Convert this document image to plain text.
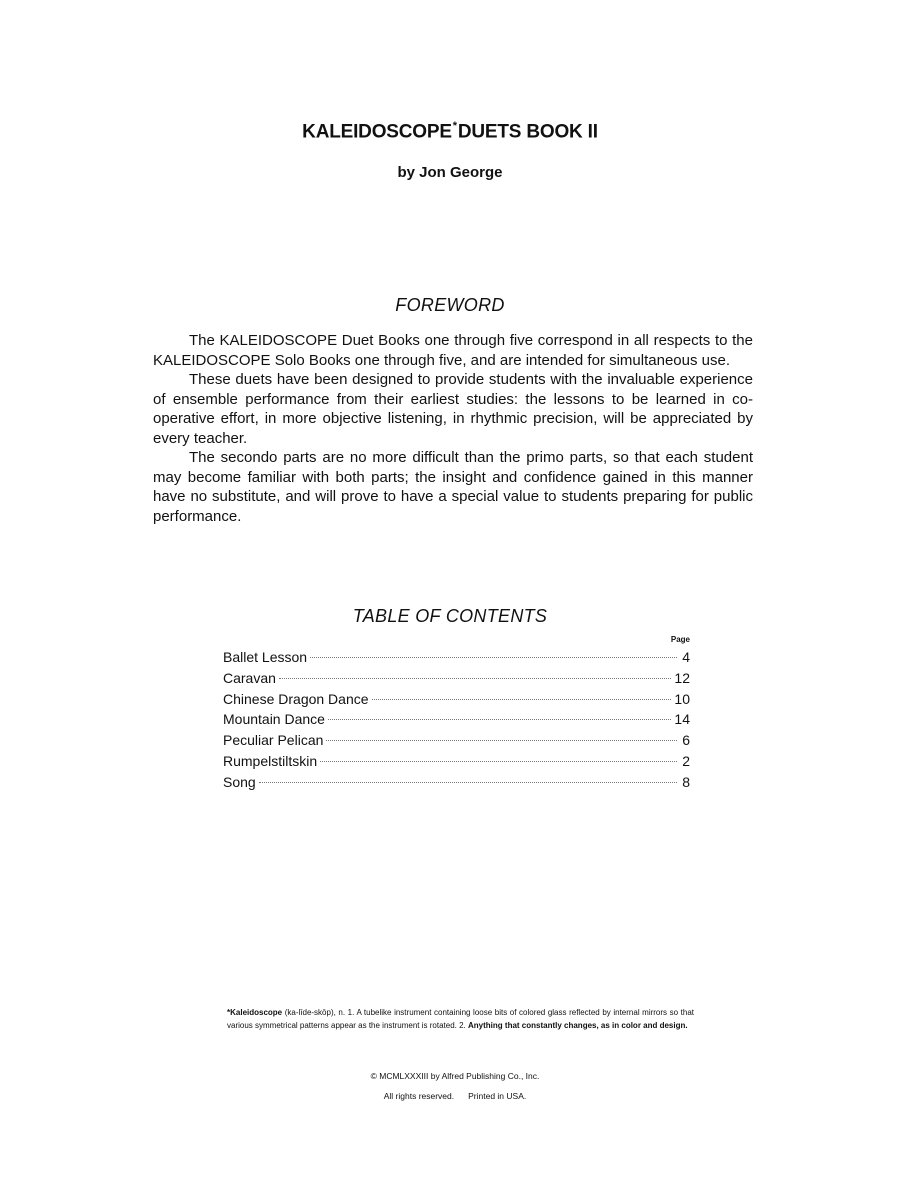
KALEIDOSCOPE*DUETS BOOK II
by Jon George
FOREWORD

The KALEIDOSCOPE Duet Books one through five correspond in all respects to the KALEIDOSCOPE Solo Books one through five, and are intended for simultaneous use.

These duets have been designed to provide students with the invaluable experience of ensemble performance from their earliest studies: the lessons to be learned in co-operative effort, in more objective listening, in rhythmic precision, will be appreciated by every teacher.

The secondo parts are no more difficult than the primo parts, so that each student may become familiar with both parts; the insight and confidence gained in this manner have no substitute, and will prove to have a special value to students preparing for public performance.

TABLE OF CONTENTS
Page
Ballet Lesson	4
Caravan	12
Chinese Dragon Dance	10
Mountain Dance	14
Peculiar Pelican	6
Rumpelstiltskin	2
Song	8
*Kaleidoscope (ka-līde-skōp), n. 1. A tubelike instrument containing loose bits of colored glass reflected by internal mirrors so that various symmetrical patterns appear as the instrument is rotated. 2. Anything that constantly changes, as in color and design.
© MCMLXXXIII by Alfred Publishing Co., Inc.
All rights reserved. Printed in USA.
